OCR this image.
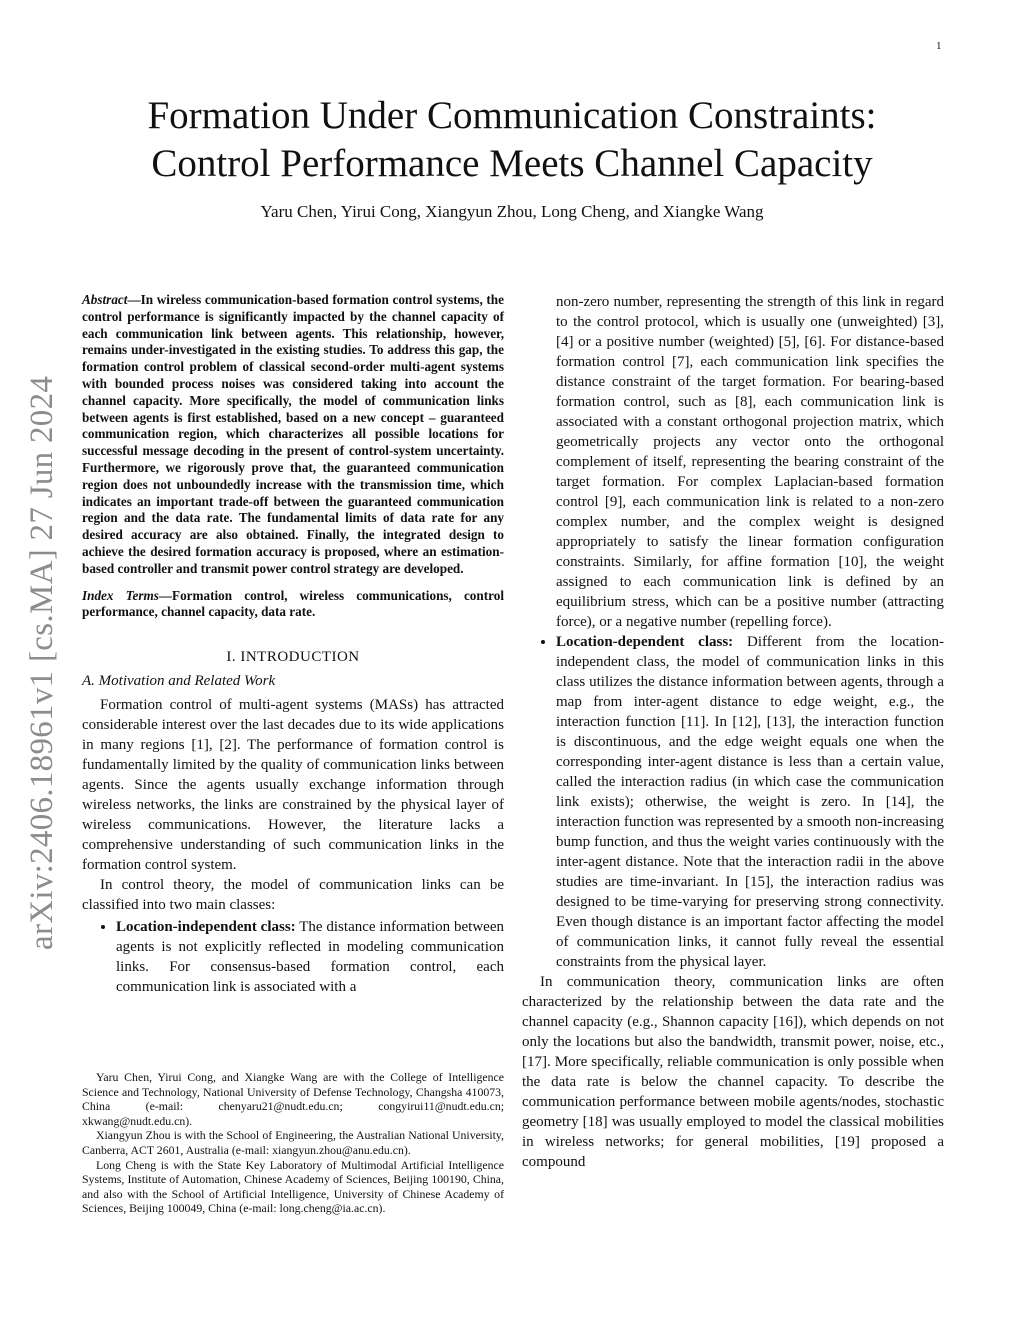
1
arXiv:2406.18961v1 [cs.MA] 27 Jun 2024
Formation Under Communication Constraints:
Control Performance Meets Channel Capacity
Yaru Chen, Yirui Cong, Xiangyun Zhou, Long Cheng, and Xiangke Wang

Abstract—In wireless communication-based formation control systems, the control performance is significantly impacted by the channel capacity of each communication link between agents. This relationship, however, remains under-investigated in the existing studies. To address this gap, the formation control problem of classical second-order multi-agent systems with bounded process noises was considered taking into account the channel capacity. More specifically, the model of communication links between agents is first established, based on a new concept – guaranteed communication region, which characterizes all possible locations for successful message decoding in the present of control-system uncertainty. Furthermore, we rigorously prove that, the guaranteed communication region does not unboundedly increase with the transmission time, which indicates an important trade-off between the guaranteed communication region and the data rate. The fundamental limits of data rate for any desired accuracy are also obtained. Finally, the integrated design to achieve the desired formation accuracy is proposed, where an estimation-based controller and transmit power control strategy are developed.

Index Terms—Formation control, wireless communications, control performance, channel capacity, data rate.

I. INTRODUCTION
A. Motivation and Related Work

Formation control of multi-agent systems (MASs) has attracted considerable interest over the last decades due to its wide applications in many regions [1], [2]. The performance of formation control is fundamentally limited by the quality of communication links between agents. Since the agents usually exchange information through wireless networks, the links are constrained by the physical layer of wireless communications. However, the literature lacks a comprehensive understanding of such communication links in the formation control system.

In control theory, the model of communication links can be classified into two main classes:

• Location-independent class: The distance information between agents is not explicitly reflected in modeling communication links. For consensus-based formation control, each communication link is associated with a

non-zero number, representing the strength of this link in regard to the control protocol, which is usually one (unweighted) [3], [4] or a positive number (weighted) [5], [6]. For distance-based formation control [7], each communication link specifies the distance constraint of the target formation. For bearing-based formation control, such as [8], each communication link is associated with a constant orthogonal projection matrix, which geometrically projects any vector onto the orthogonal complement of itself, representing the bearing constraint of the target formation. For complex Laplacian-based formation control [9], each communication link is related to a non-zero complex number, and the complex weight is designed appropriately to satisfy the linear formation configuration constraints. Similarly, for affine formation [10], the weight assigned to each communication link is defined by an equilibrium stress, which can be a positive number (attracting force), or a negative number (repelling force).

• Location-dependent class: Different from the location-independent class, the model of communication links in this class utilizes the distance information between agents, through a map from inter-agent distance to edge weight, e.g., the interaction function [11]. In [12], [13], the interaction function is discontinuous, and the edge weight equals one when the corresponding inter-agent distance is less than a certain value, called the interaction radius (in which case the communication link exists); otherwise, the weight is zero. In [14], the interaction function was represented by a smooth non-increasing bump function, and thus the weight varies continuously with the inter-agent distance. Note that the interaction radii in the above studies are time-invariant. In [15], the interaction radius was designed to be time-varying for preserving strong connectivity. Even though distance is an important factor affecting the model of communication links, it cannot fully reveal the essential constraints from the physical layer.

In communication theory, communication links are often characterized by the relationship between the data rate and the channel capacity (e.g., Shannon capacity [16]), which depends on not only the locations but also the bandwidth, transmit power, noise, etc., [17]. More specifically, reliable communication is only possible when the data rate is below the channel capacity. To describe the communication performance between mobile agents/nodes, stochastic geometry [18] was usually employed to model the classical mobilities in wireless networks; for general mobilities, [19] proposed a compound

Yaru Chen, Yirui Cong, and Xiangke Wang are with the College of Intelligence Science and Technology, National University of Defense Technology, Changsha 410073, China (e-mail: chenyaru21@nudt.edu.cn; congyirui11@nudt.edu.cn; xkwang@nudt.edu.cn).

Xiangyun Zhou is with the School of Engineering, the Australian National University, Canberra, ACT 2601, Australia (e-mail: xiangyun.zhou@anu.edu.cn).

Long Cheng is with the State Key Laboratory of Multimodal Artificial Intelligence Systems, Institute of Automation, Chinese Academy of Sciences, Beijing 100190, China, and also with the School of Artificial Intelligence, University of Chinese Academy of Sciences, Beijing 100049, China (e-mail: long.cheng@ia.ac.cn).
